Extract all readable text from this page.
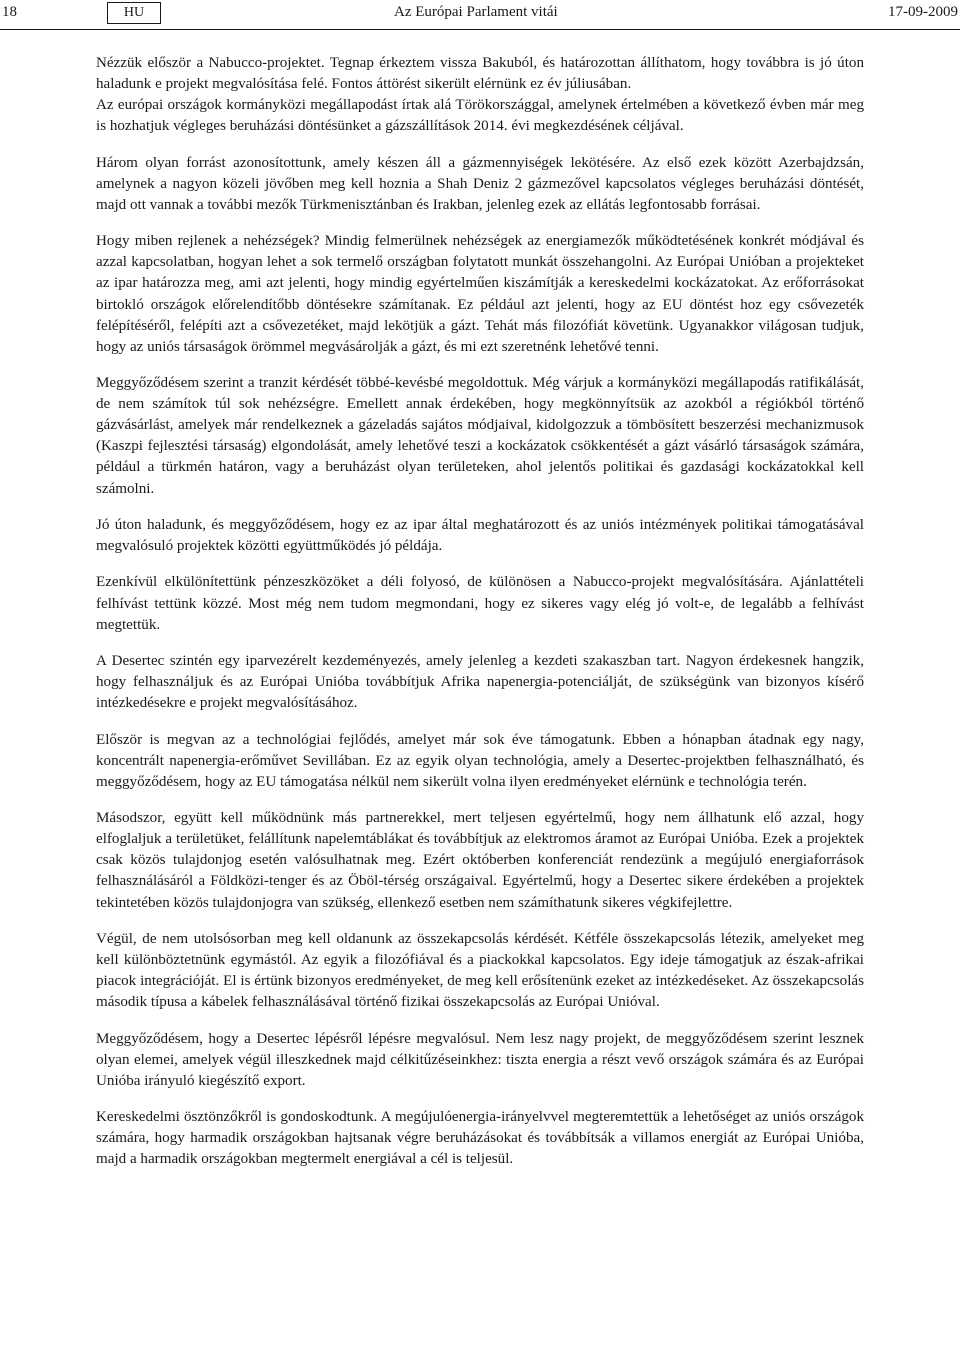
18	HU	Az Európai Parlament vitái	17-09-2009

Nézzük először a Nabucco-projektet. Tegnap érkeztem vissza Bakuból, és határozottan állíthatom, hogy továbbra is jó úton haladunk e projekt megvalósítása felé. Fontos áttörést sikerült elérnünk ez év júliusában.
Az európai országok kormányközi megállapodást írtak alá Törökországgal, amelynek értelmében a következő évben már meg is hozhatjuk végleges beruházási döntésünket a gázszállítások 2014. évi megkezdésének céljával.

Három olyan forrást azonosítottunk, amely készen áll a gázmennyiségek lekötésére. Az első ezek között Azerbajdzsán, amelynek a nagyon közeli jövőben meg kell hoznia a Shah Deniz 2 gázmezővel kapcsolatos végleges beruházási döntését, majd ott vannak a további mezők Türkmenisztánban és Irakban, jelenleg ezek az ellátás legfontosabb forrásai.

Hogy miben rejlenek a nehézségek? Mindig felmerülnek nehézségek az energiamezők működtetésének konkrét módjával és azzal kapcsolatban, hogyan lehet a sok termelő országban folytatott munkát összehangolni. Az Európai Unióban a projekteket az ipar határozza meg, ami azt jelenti, hogy mindig egyértelműen kiszámítják a kereskedelmi kockázatokat. Az erőforrásokat birtokló országok előrelendítőbb döntésekre számítanak. Ez például azt jelenti, hogy az EU döntést hoz egy csővezeték felépítéséről, felépíti azt a csővezetéket, majd lekötjük a gázt. Tehát más filozófiát követünk. Ugyanakkor világosan tudjuk, hogy az uniós társaságok örömmel megvásárolják a gázt, és mi ezt szeretnénk lehetővé tenni.

Meggyőződésem szerint a tranzit kérdését többé-kevésbé megoldottuk. Még várjuk a kormányközi megállapodás ratifikálását, de nem számítok túl sok nehézségre. Emellett annak érdekében, hogy megkönnyítsük az azokból a régiókból történő gázvásárlást, amelyek már rendelkeznek a gázeladás sajátos módjaival, kidolgozzuk a tömbösített beszerzési mechanizmusok (Kaszpi fejlesztési társaság) elgondolását, amely lehetővé teszi a kockázatok csökkentését a gázt vásárló társaságok számára, például a türkmén határon, vagy a beruházást olyan területeken, ahol jelentős politikai és gazdasági kockázatokkal kell számolni.

Jó úton haladunk, és meggyőződésem, hogy ez az ipar által meghatározott és az uniós intézmények politikai támogatásával megvalósuló projektek közötti együttműködés jó példája.

Ezenkívül elkülönítettünk pénzeszközöket a déli folyosó, de különösen a Nabucco-projekt megvalósítására. Ajánlattételi felhívást tettünk közzé. Most még nem tudom megmondani, hogy ez sikeres vagy elég jó volt-e, de legalább a felhívást megtettük.

A Desertec szintén egy iparvezérelt kezdeményezés, amely jelenleg a kezdeti szakaszban tart. Nagyon érdekesnek hangzik, hogy felhasználjuk és az Európai Unióba továbbítjuk Afrika napenergia-potenciálját, de szükségünk van bizonyos kísérő intézkedésekre e projekt megvalósításához.

Először is megvan az a technológiai fejlődés, amelyet már sok éve támogatunk. Ebben a hónapban átadnak egy nagy, koncentrált napenergia-erőművet Sevillában. Ez az egyik olyan technológia, amely a Desertec-projektben felhasználható, és meggyőződésem, hogy az EU támogatása nélkül nem sikerült volna ilyen eredményeket elérnünk e technológia terén.

Másodszor, együtt kell működnünk más partnerekkel, mert teljesen egyértelmű, hogy nem állhatunk elő azzal, hogy elfoglaljuk a területüket, felállítunk napelemtáblákat és továbbítjuk az elektromos áramot az Európai Unióba. Ezek a projektek csak közös tulajdonjog esetén valósulhatnak meg. Ezért októberben konferenciát rendezünk a megújuló energiaforrások felhasználásáról a Földközi-tenger és az Öböl-térség országaival. Egyértelmű, hogy a Desertec sikere érdekében a projektek tekintetében közös tulajdonjogra van szükség, ellenkező esetben nem számíthatunk sikeres végkifejlettre.

Végül, de nem utolsósorban meg kell oldanunk az összekapcsolás kérdését. Kétféle összekapcsolás létezik, amelyeket meg kell különböztetnünk egymástól. Az egyik a filozófiával és a piackokkal kapcsolatos. Egy ideje támogatjuk az észak-afrikai piacok integrációját. El is értünk bizonyos eredményeket, de meg kell erősítenünk ezeket az intézkedéseket. Az összekapcsolás második típusa a kábelek felhasználásával történő fizikai összekapcsolás az Európai Unióval.

Meggyőződésem, hogy a Desertec lépésről lépésre megvalósul. Nem lesz nagy projekt, de meggyőződésem szerint lesznek olyan elemei, amelyek végül illeszkednek majd célkitűzéseinkhez: tiszta energia a részt vevő országok számára és az Európai Unióba irányuló kiegészítő export.

Kereskedelmi ösztönzőkről is gondoskodtunk. A megújulóenergia-irányelvvel megteremtettük a lehetőséget az uniós országok számára, hogy harmadik országokban hajtsanak végre beruházásokat és továbbítsák a villamos energiát az Európai Unióba, majd a harmadik országokban megtermelt energiával a cél is teljesül.
